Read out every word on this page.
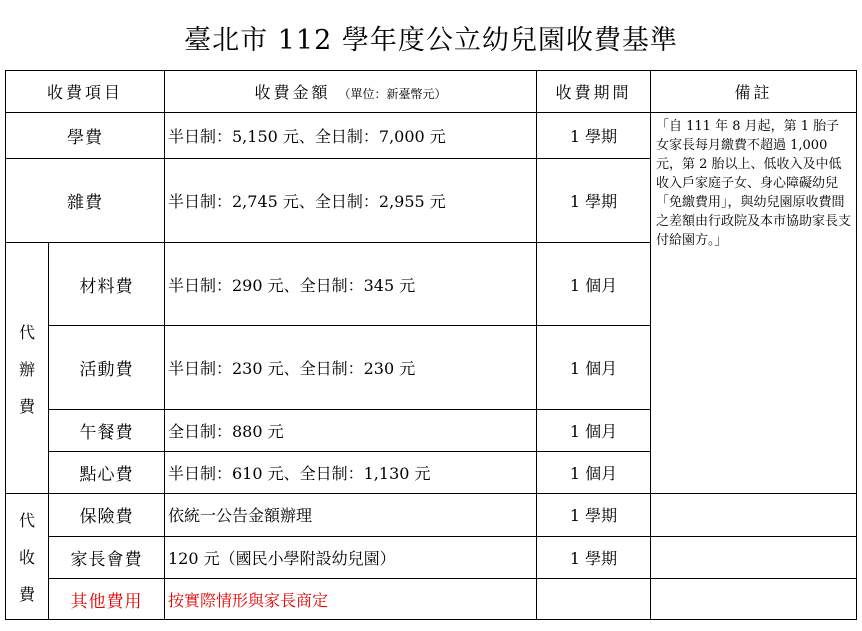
臺北市 112 學年度公立幼兒園收費基準
收費項目		收費金額 （單位：新臺幣元）	收費期間	備註
學費		半日制：5,150 元、全日制：7,000 元	1 學期	「自 111 年 8 月起，第 1 胎子女家長每月繳費不超過 1,000 元，第 2 胎以上、低收入及中低收入戶家庭子女、身心障礙幼兒「免繳費用」，與幼兒園原收費間之差額由行政院及本市協助家長支付給園方。」
雜費		半日制：2,745 元、全日制：2,955 元	1 學期	

代
辦
費	材料費	半日制：290 元、全日制：345 元	1 個月	
	活動費	半日制：230 元、全日制：230 元	1 個月	
	午餐費	全日制：880 元	1 個月	
	點心費	半日制：610 元、全日制：1,130 元	1 個月	

代
收
費	保險費	依統一公告金額辦理	1 學期	
	家長會費	120 元（國民小學附設幼兒園）	1 學期	
	其他費用	按實際情形與家長商定		
